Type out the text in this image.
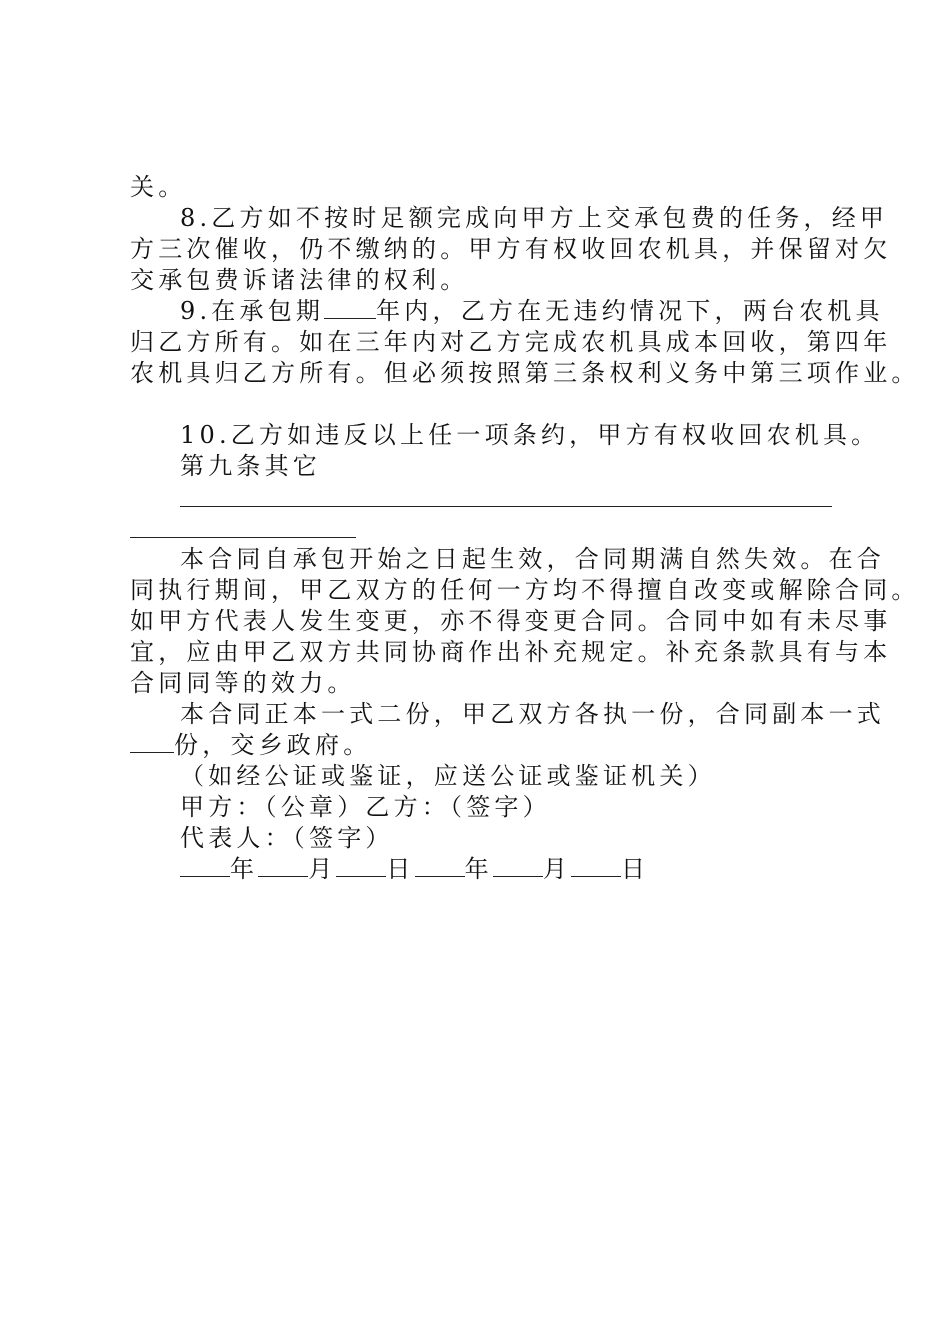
关。
8.乙方如不按时足额完成向甲方上交承包费的任务，经甲
方三次催收，仍不缴纳的。甲方有权收回农机具，并保留对欠
交承包费诉诸法律的权利。
9.在承包期 年内，乙方在无违约情况下，两台农机具
归乙方所有。如在三年内对乙方完成农机具成本回收，第四年
农机具归乙方所有。但必须按照第三条权利义务中第三项作业。
10.乙方如违反以上任一项条约，甲方有权收回农机具。
第九条其它
本合同自承包开始之日起生效，合同期满自然失效。在合
同执行期间，甲乙双方的任何一方均不得擅自改变或解除合同。
如甲方代表人发生变更，亦不得变更合同。合同中如有未尽事
宜，应由甲乙双方共同协商作出补充规定。补充条款具有与本
合同同等的效力。
本合同正本一式二份，甲乙双方各执一份，合同副本一式
份，交乡政府。
（如经公证或鉴证，应送公证或鉴证机关）
甲方：（公章）乙方：（签字）
代表人：（签字）
年 月 日 年 月 日
